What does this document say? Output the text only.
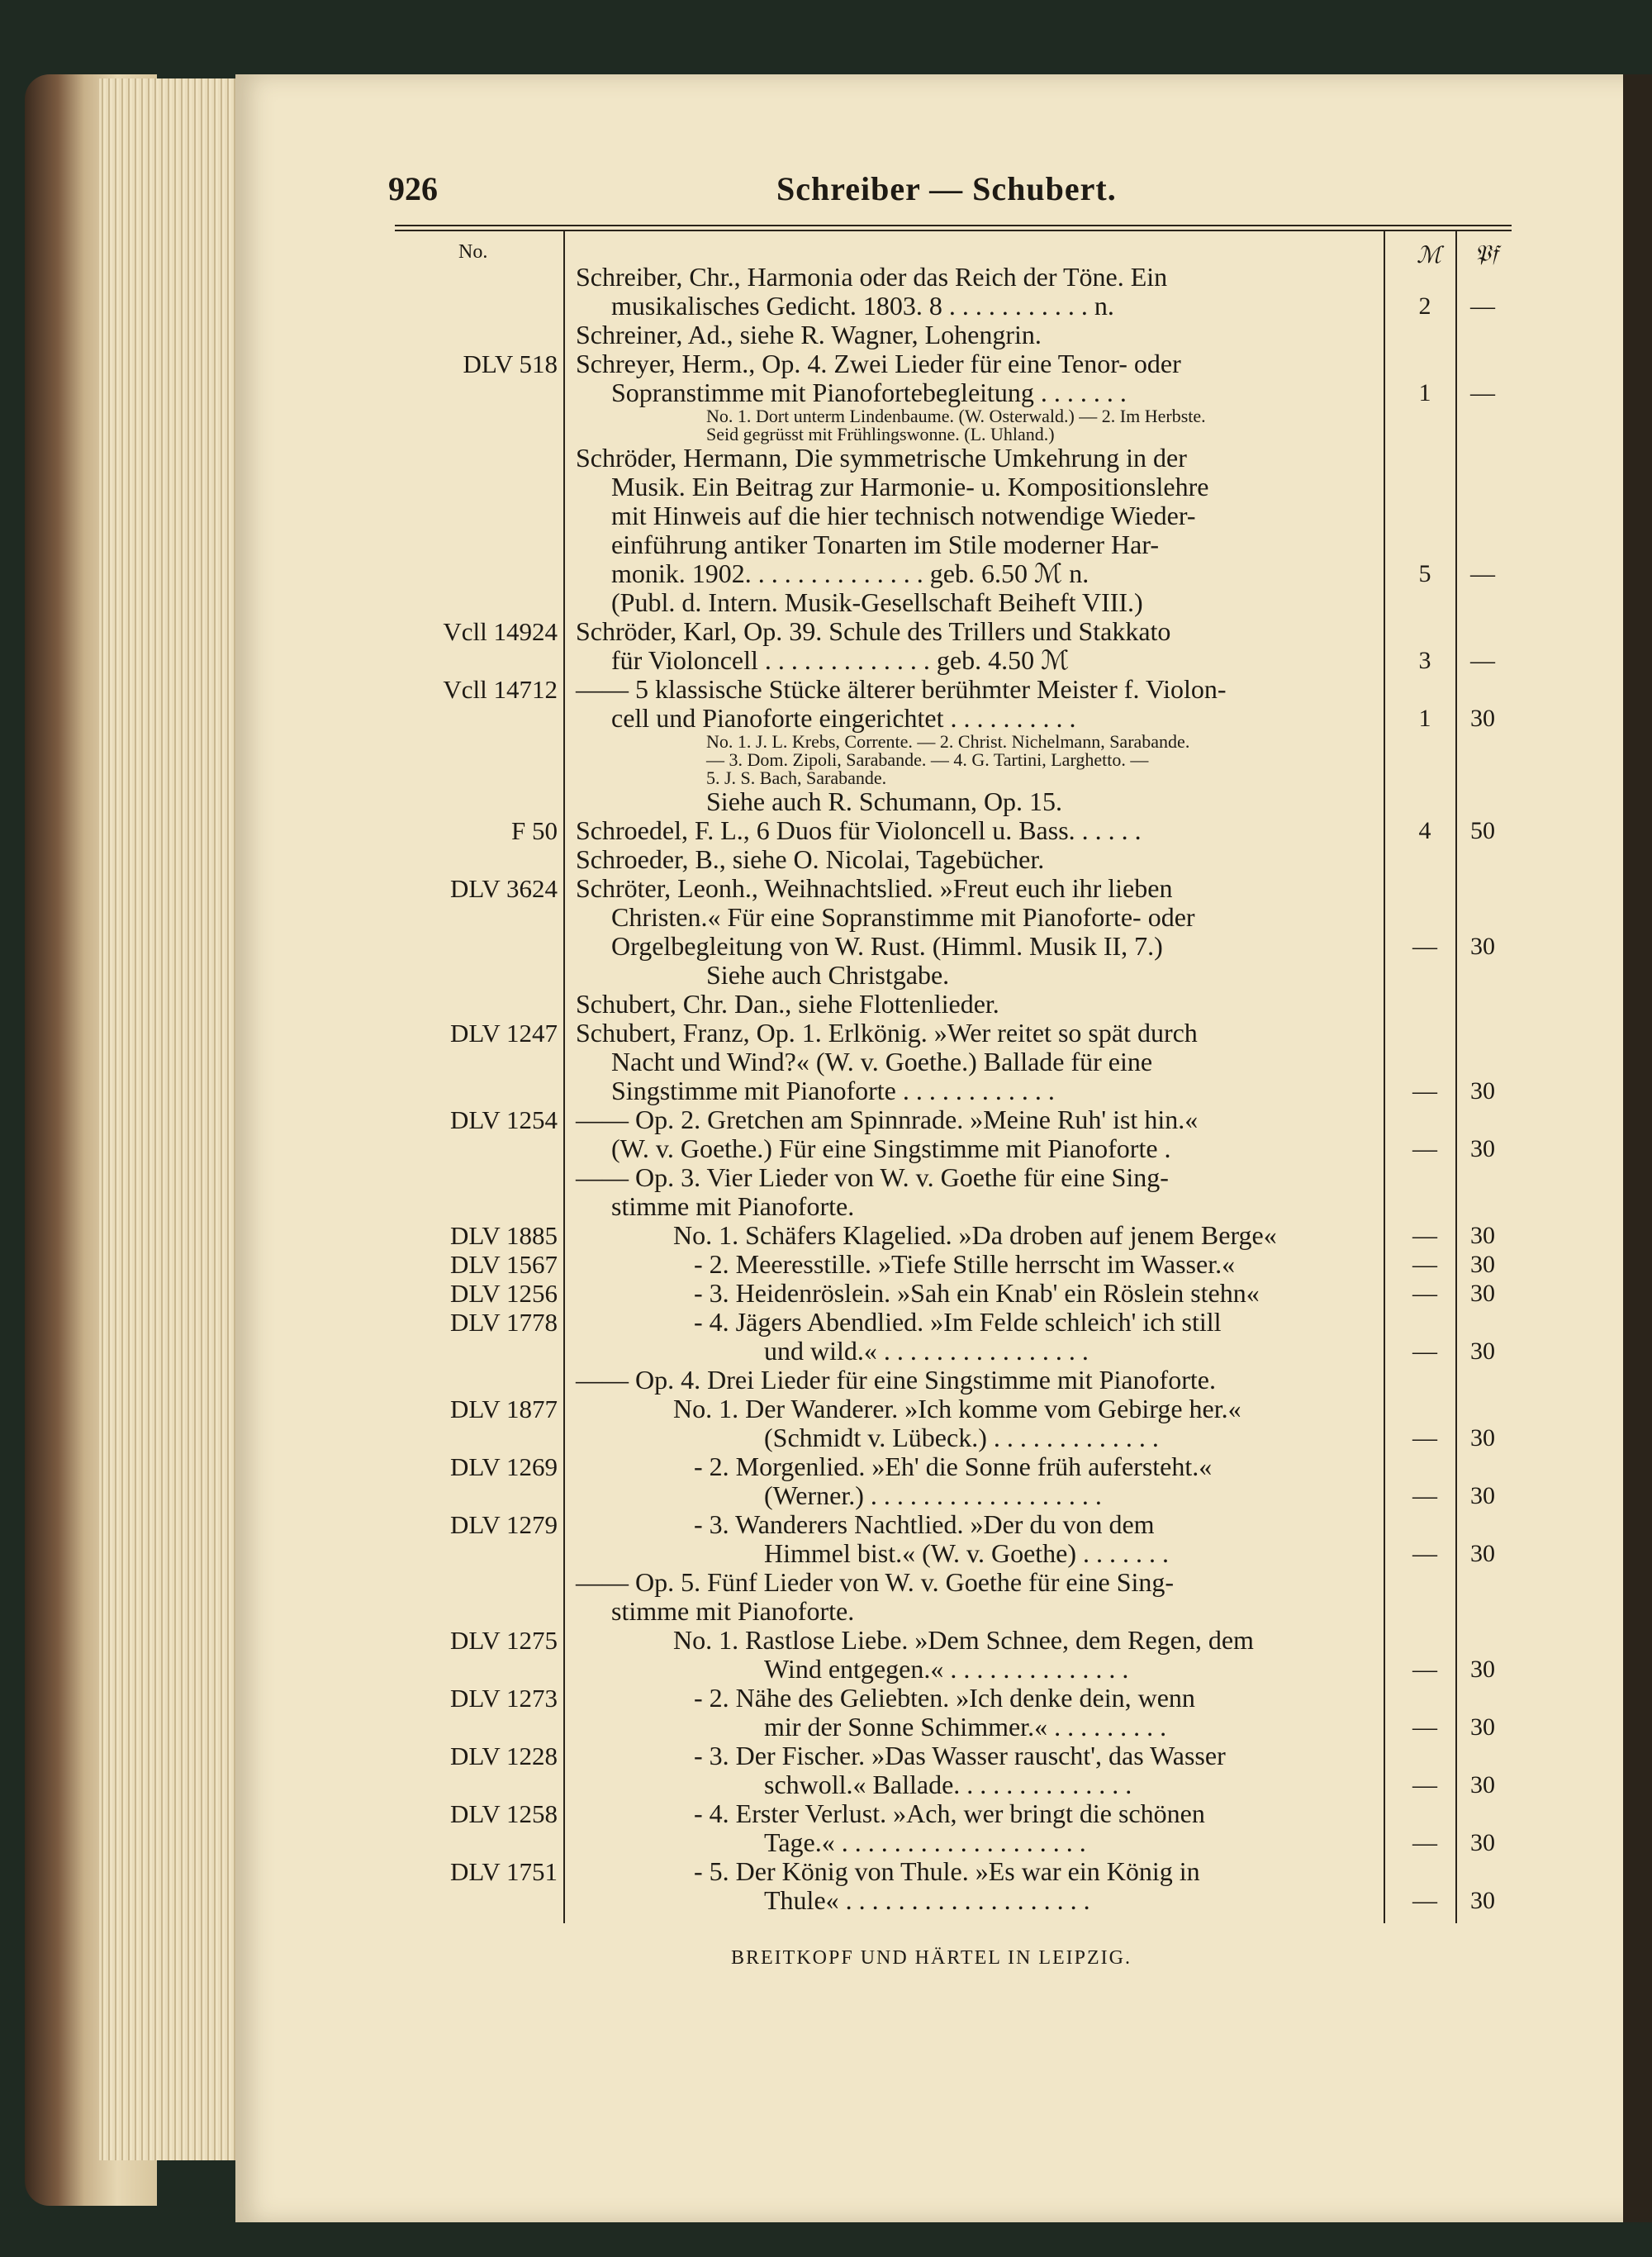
926	Schreiber — Schubert.
No.	ℳ 𝔓𝔣
Schreiber, Chr., Harmonia oder das Reich der Töne. Ein
musikalisches Gedicht. 1803. 8 . . . . . . . . . . . n.	2	—
Schreiner, Ad., siehe R. Wagner, Lohengrin.
DLV 518 Schreyer, Herm., Op. 4. Zwei Lieder für eine Tenor- oder
Sopranstimme mit Pianofortebegleitung . . . . . . .	1	—
No. 1. Dort unterm Lindenbaume. (W. Osterwald.) — 2. Im Herbste.
Seid gegrüsst mit Frühlingswonne. (L. Uhland.)
Schröder, Hermann, Die symmetrische Umkehrung in der
Musik. Ein Beitrag zur Harmonie- u. Kompositionslehre
mit Hinweis auf die hier technisch notwendige Wieder-
einführung antiker Tonarten im Stile moderner Har-
monik. 1902. . . . . . . . . . . . . . geb. 6.50 ℳ n.	5	—
(Publ. d. Intern. Musik-Gesellschaft Beiheft VIII.)
Vcll 14924 Schröder, Karl, Op. 39. Schule des Trillers und Stakkato
für Violoncell . . . . . . . . . . . . . geb. 4.50 ℳ	3	—
Vcll 14712 —— 5 klassische Stücke älterer berühmter Meister f. Violon-
cell und Pianoforte eingerichtet . . . . . . . . . .	1	30
No. 1. J. L. Krebs, Corrente. — 2. Christ. Nichelmann, Sarabande.
— 3. Dom. Zipoli, Sarabande. — 4. G. Tartini, Larghetto. —
5. J. S. Bach, Sarabande.
Siehe auch R. Schumann, Op. 15.
F 50 Schroedel, F. L., 6 Duos für Violoncell u. Bass. . . . . .	4	50
Schroeder, B., siehe O. Nicolai, Tagebücher.
DLV 3624 Schröter, Leonh., Weihnachtslied. »Freut euch ihr lieben
Christen.« Für eine Sopranstimme mit Pianoforte- oder
Orgelbegleitung von W. Rust. (Himml. Musik II, 7.)	—	30
Siehe auch Christgabe.
Schubert, Chr. Dan., siehe Flottenlieder.
DLV 1247 Schubert, Franz, Op. 1. Erlkönig. »Wer reitet so spät durch
Nacht und Wind?« (W. v. Goethe.) Ballade für eine
Singstimme mit Pianoforte . . . . . . . . . . . .	—	30
DLV 1254 —— Op. 2. Gretchen am Spinnrade. »Meine Ruh' ist hin.«
(W. v. Goethe.) Für eine Singstimme mit Pianoforte .	—	30
—— Op. 3. Vier Lieder von W. v. Goethe für eine Sing-
stimme mit Pianoforte.
DLV 1885	No. 1. Schäfers Klagelied. »Da droben auf jenem Berge«	—	30
DLV 1567	- 2. Meeresstille. »Tiefe Stille herrscht im Wasser.«	—	30
DLV 1256	- 3. Heidenröslein. »Sah ein Knab' ein Röslein stehn«	—	30
DLV 1778	- 4. Jägers Abendlied. »Im Felde schleich' ich still
und wild.« . . . . . . . . . . . . . . . .	—	30
—— Op. 4. Drei Lieder für eine Singstimme mit Pianoforte.
DLV 1877	No. 1. Der Wanderer. »Ich komme vom Gebirge her.«
(Schmidt v. Lübeck.) . . . . . . . . . . . . .	—	30
DLV 1269	- 2. Morgenlied. »Eh' die Sonne früh aufersteht.«
(Werner.) . . . . . . . . . . . . . . . . . .	—	30
DLV 1279	- 3. Wanderers Nachtlied. »Der du von dem
Himmel bist.« (W. v. Goethe) . . . . . . .	—	30
—— Op. 5. Fünf Lieder von W. v. Goethe für eine Sing-
stimme mit Pianoforte.
DLV 1275	No. 1. Rastlose Liebe. »Dem Schnee, dem Regen, dem
Wind entgegen.« . . . . . . . . . . . . . .	—	30
DLV 1273	- 2. Nähe des Geliebten. »Ich denke dein, wenn
mir der Sonne Schimmer.« . . . . . . . . .	—	30
DLV 1228	- 3. Der Fischer. »Das Wasser rauscht', das Wasser
schwoll.« Ballade. . . . . . . . . . . . . .	—	30
DLV 1258	- 4. Erster Verlust. »Ach, wer bringt die schönen
Tage.« . . . . . . . . . . . . . . . . . . .	—	30
DLV 1751	- 5. Der König von Thule. »Es war ein König in
Thule« . . . . . . . . . . . . . . . . . . .	—	30
BREITKOPF UND HÄRTEL IN LEIPZIG.
